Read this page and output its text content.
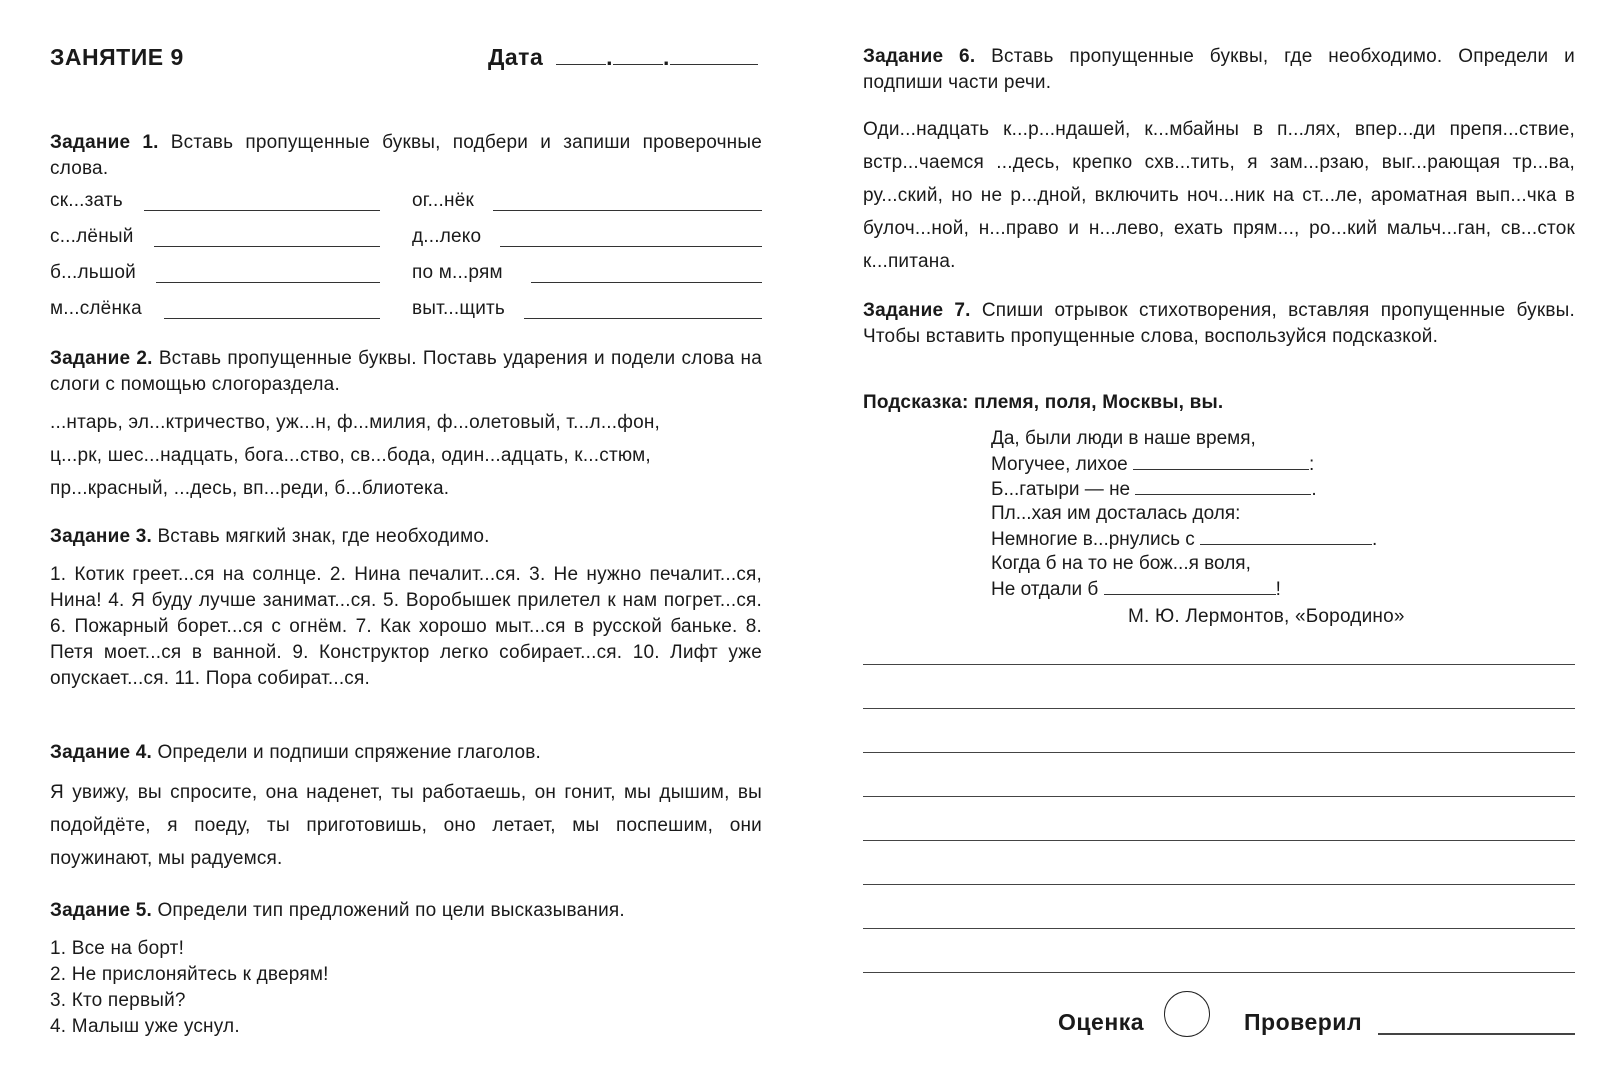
ЗАНЯТИЕ 9	Дата	. .
Задание 1. Вставь пропущенные буквы, подбери и запиши проверочные слова.
ск...зать	ог...нёк
с...лёный	д...леко
б...льшой	по м...рям
м...слёнка	выт...щить
Задание 2. Вставь пропущенные буквы. Поставь ударения и подели слова на слоги с помощью слогораздела.
...нтарь, эл...ктричество, уж...н, ф...милия, ф...олетовый, т...л...фон,
ц...рк, шес...надцать, бога...ство, св...бода, один...адцать, к...стюм,
пр...красный, ...десь, вп...реди, б...блиотека.
Задание 3. Вставь мягкий знак, где необходимо.
1. Котик греет...ся на солнце. 2. Нина печалит...ся. 3. Не нужно печалит...ся, Нина! 4. Я буду лучше занимат...ся. 5. Воробышек прилетел к нам погрет...ся. 6. Пожарный борет...ся с огнём. 7. Как хорошо мыт...ся в русской баньке. 8. Петя моет...ся в ванной. 9. Конструктор легко собирает...ся. 10. Лифт уже опускает...ся. 11. Пора собират...ся.
Задание 4. Определи и подпиши спряжение глаголов.
Я увижу, вы спросите, она наденет, ты работаешь, он гонит, мы дышим, вы подойдёте, я поеду, ты приготовишь, оно летает, мы поспешим, они поужинают, мы радуемся.
Задание 5. Определи тип предложений по цели высказывания.
1. Все на борт!
2. Не прислоняйтесь к дверям!
3. Кто первый?
4. Малыш уже уснул.
Задание 6. Вставь пропущенные буквы, где необходимо. Определи и подпиши части речи.
Оди...надцать к...р...ндашей, к...мбайны в п...лях, впер...ди препя...ствие, встр...чаемся ...десь, крепко схв...тить, я зам...рзаю, выг...рающая тр...ва, ру...ский, но не р...дной, включить ноч...ник на ст...ле, ароматная вып...чка в булоч...ной, н...право и н...лево, ехать прям..., ро...кий мальч...ган, св...сток к...питана.
Задание 7. Спиши отрывок стихотворения, вставляя пропущенные буквы. Чтобы вставить пропущенные слова, воспользуйся подсказкой.
Подсказка: племя, поля, Москвы, вы.
Да, были люди в наше время,
Могучее, лихое	:
Б...гатыри — не	.
Пл...хая им досталась доля:
Немногие в...рнулись с	.
Когда б на то не бож...я воля,
Не отдали б	!
М. Ю. Лермонтов, «Бородино»
Оценка	Проверил
